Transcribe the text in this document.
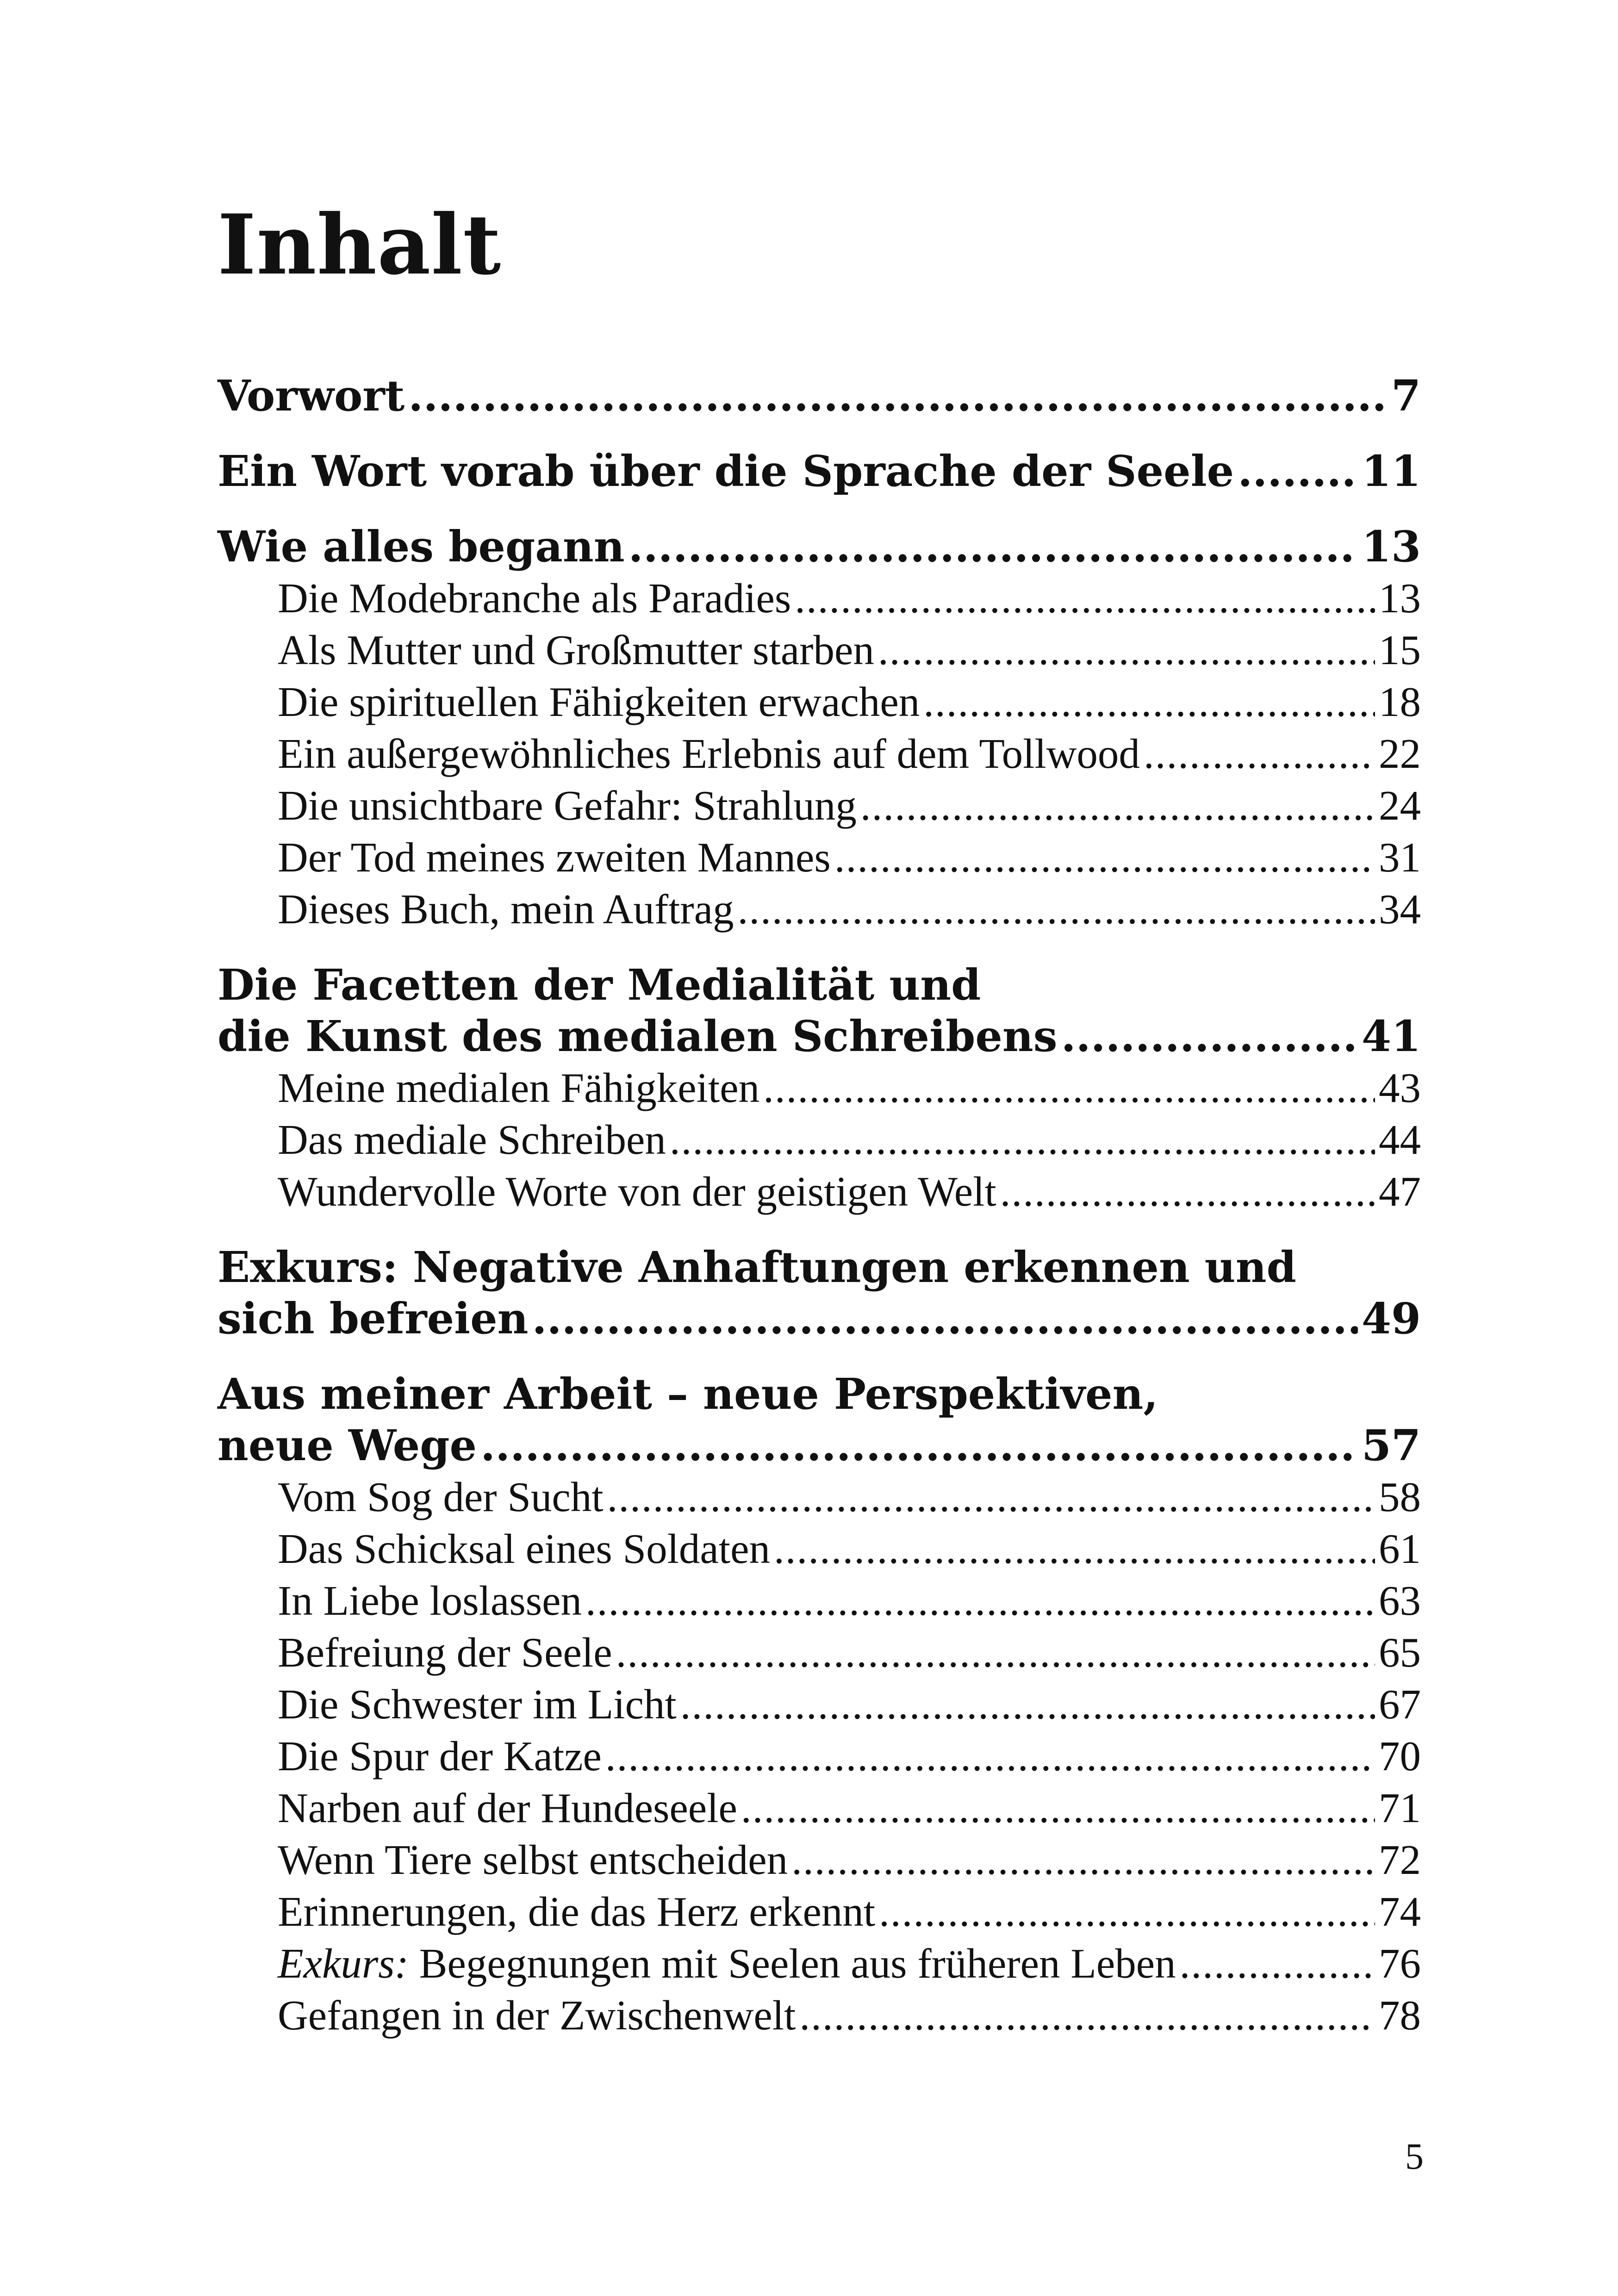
Inhalt
Vorwort .....	7
Ein Wort vorab über die Sprache der Seele .....	11
Wie alles begann .....	13
Die Modebranche als Paradies .....	13
Als Mutter und Großmutter starben .....	15
Die spirituellen Fähigkeiten erwachen .....	18
Ein außergewöhnliches Erlebnis auf dem Tollwood .....	22
Die unsichtbare Gefahr: Strahlung .....	24
Der Tod meines zweiten Mannes .....	31
Dieses Buch, mein Auftrag .....	34
Die Facetten der Medialität und
die Kunst des medialen Schreibens .....	41
Meine medialen Fähigkeiten .....	43
Das mediale Schreiben .....	44
Wundervolle Worte von der geistigen Welt .....	47
Exkurs: Negative Anhaftungen erkennen und
sich befreien .....	49
Aus meiner Arbeit – neue Perspektiven,
neue Wege .....	57
Vom Sog der Sucht .....	58
Das Schicksal eines Soldaten .....	61
In Liebe loslassen .....	63
Befreiung der Seele .....	65
Die Schwester im Licht .....	67
Die Spur der Katze .....	70
Narben auf der Hundeseele .....	71
Wenn Tiere selbst entscheiden .....	72
Erinnerungen, die das Herz erkennt .....	74
Exkurs: Begegnungen mit Seelen aus früheren Leben .....	76
Gefangen in der Zwischenwelt .....	78
5
